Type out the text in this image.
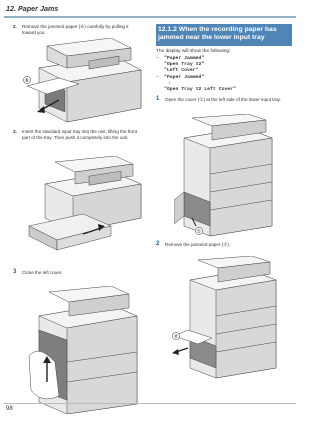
12. Paper Jams
2. Remove the jammed paper (⑥) carefully by pulling it toward you.
⑥
3. Insert the standard input tray into the unit, lifting the front part of the tray. Then push it completely into the unit.
3 Close the left cover.
12.1.2 When the recording paper has jammed near the lower input tray
The display will show the following:
– "Paper Jammed"
"Open Tray #2"
"Left Cover"
– "Paper Jammed"
↕
"Open Tray #2 Left Cover"
1 Open the cover (①) at the left side of the lower input tray.
①
2 Remove the jammed paper (②).
②
98
